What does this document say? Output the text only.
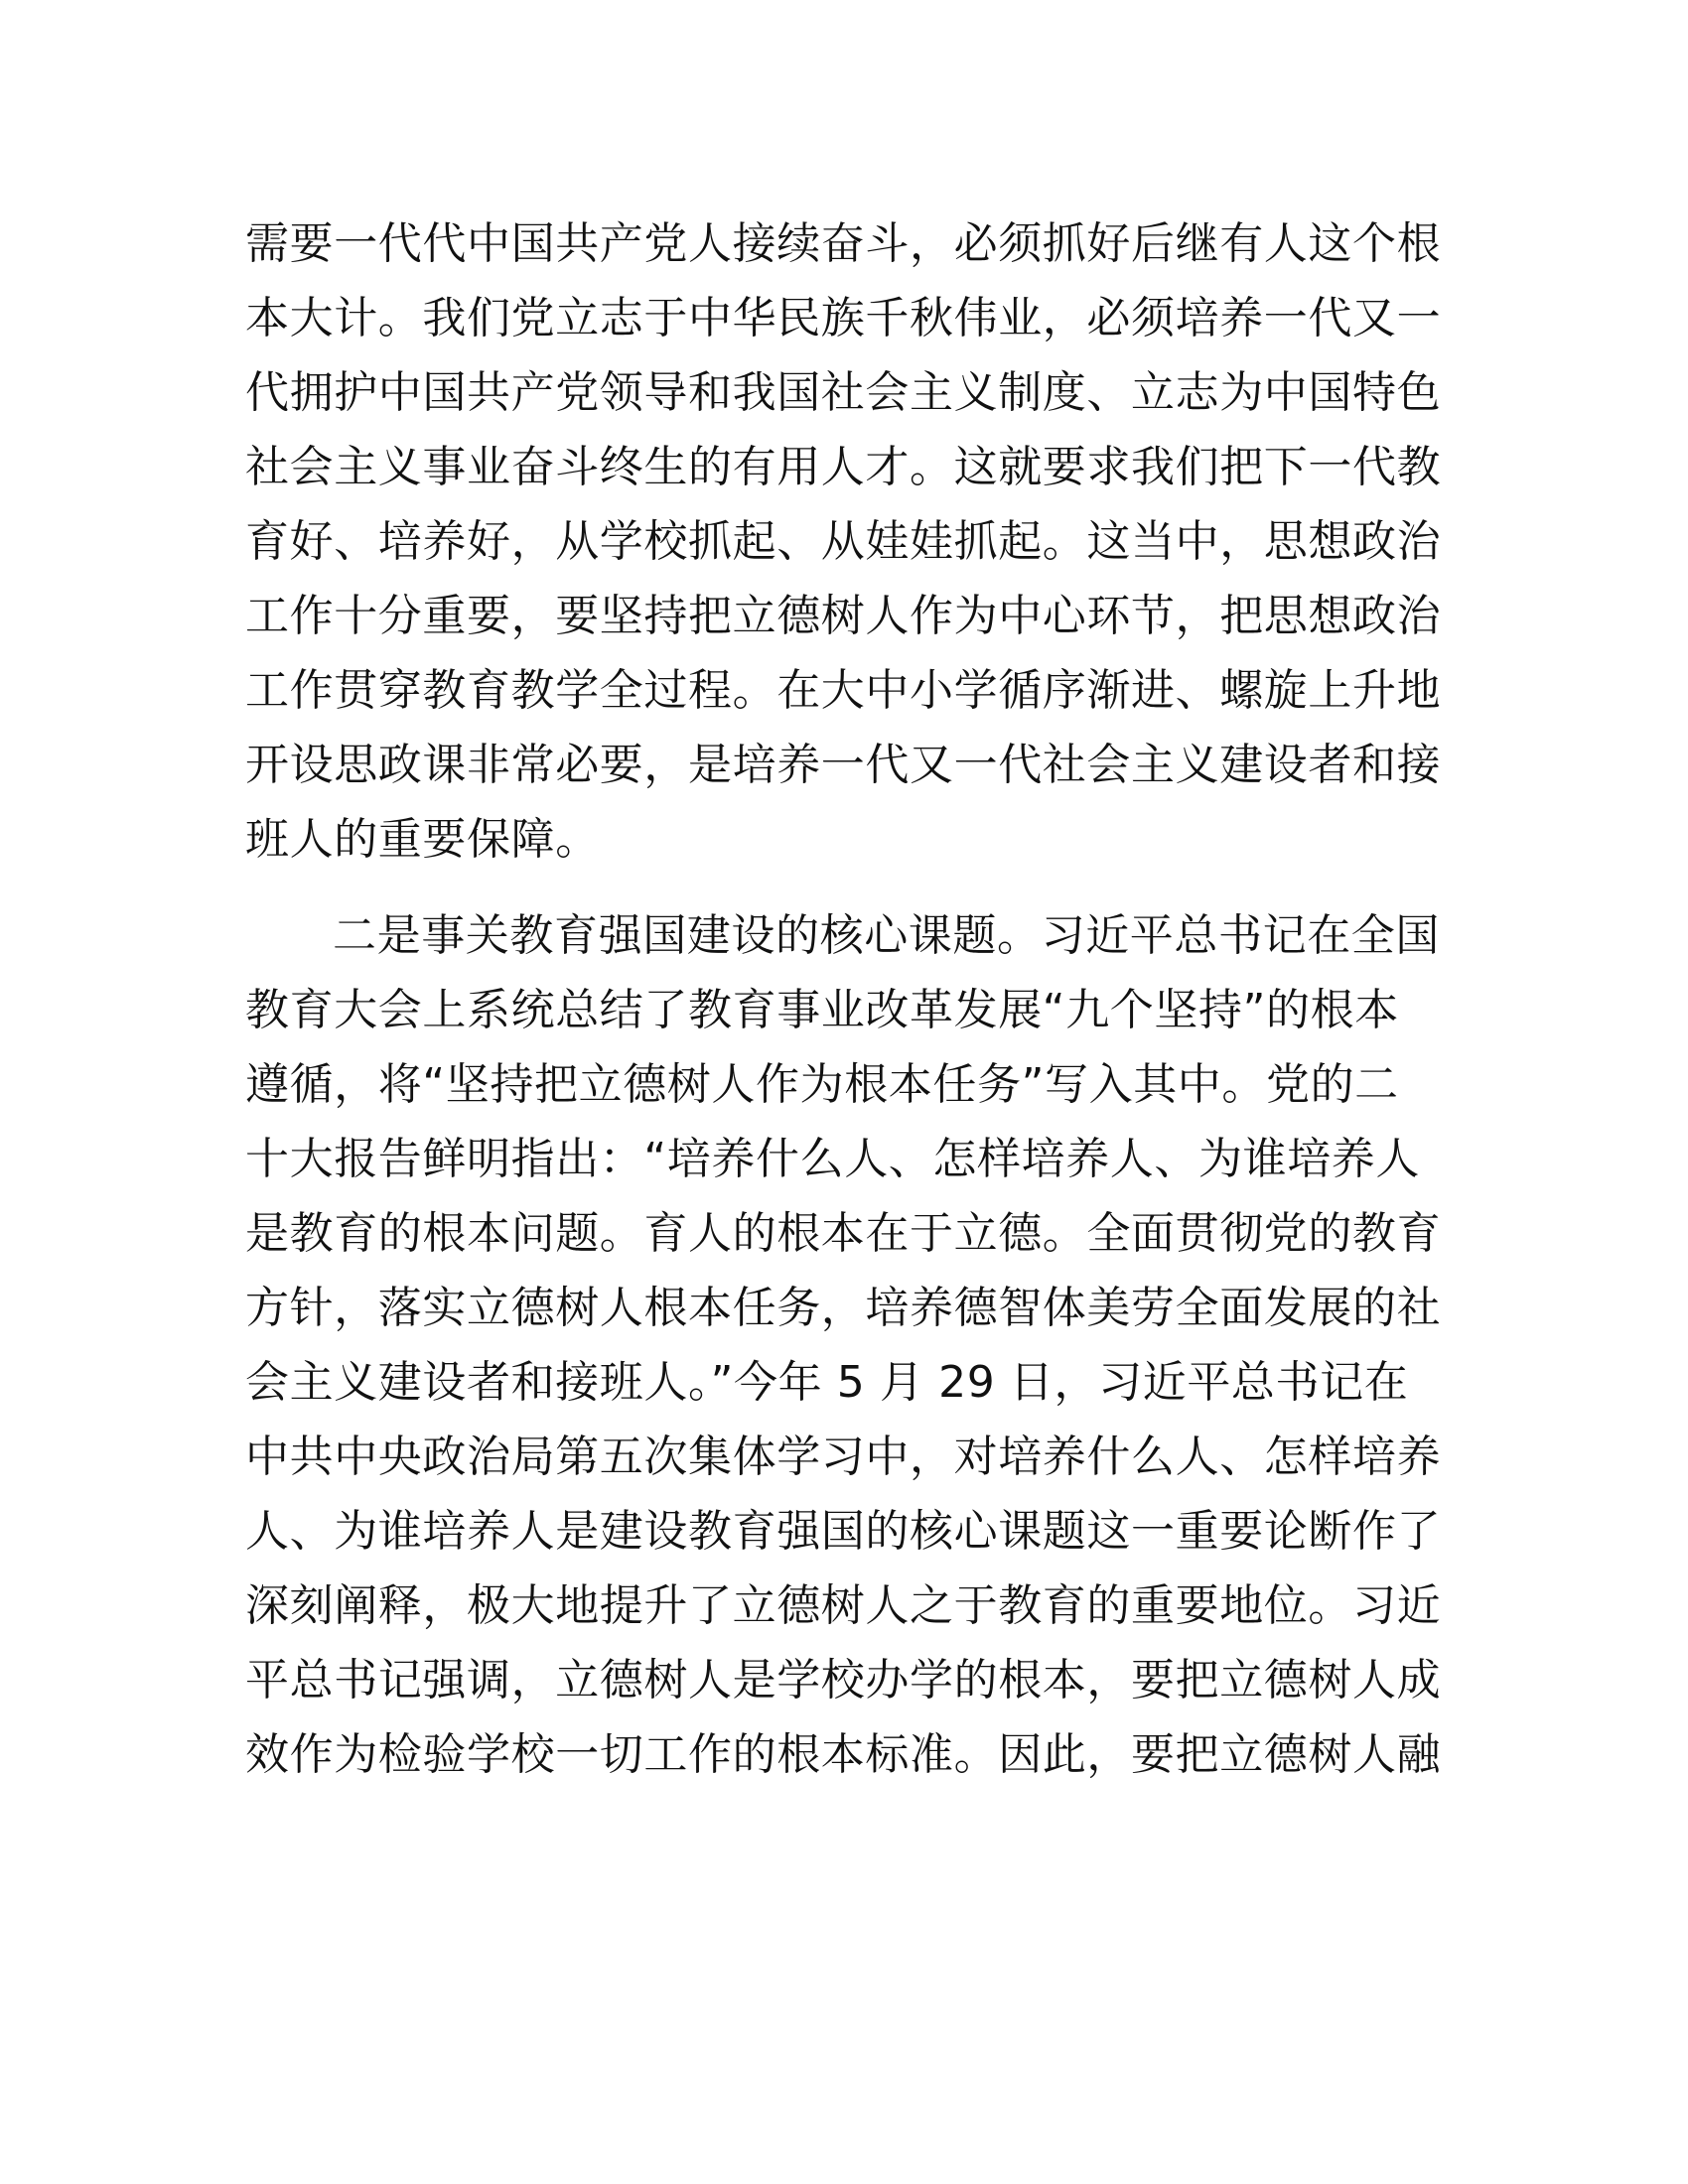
需要一代代中国共产党人接续奋斗，必须抓好后继有人这个根
本大计。我们党立志于中华民族千秋伟业，必须培养一代又一
代拥护中国共产党领导和我国社会主义制度、立志为中国特色
社会主义事业奋斗终生的有用人才。这就要求我们把下一代教
育好、培养好，从学校抓起、从娃娃抓起。这当中，思想政治
工作十分重要，要坚持把立德树人作为中心环节，把思想政治
工作贯穿教育教学全过程。在大中小学循序渐进、螺旋上升地
开设思政课非常必要，是培养一代又一代社会主义建设者和接
班人的重要保障。
二是事关教育强国建设的核心课题。习近平总书记在全国
教育大会上系统总结了教育事业改革发展“九个坚持”的根本
遵循，将“坚持把立德树人作为根本任务”写入其中。党的二
十大报告鲜明指出：“培养什么人、怎样培养人、为谁培养人
是教育的根本问题。育人的根本在于立德。全面贯彻党的教育
方针，落实立德树人根本任务，培养德智体美劳全面发展的社
会主义建设者和接班人。”今年 5 月 29 日，习近平总书记在
中共中央政治局第五次集体学习中，对培养什么人、怎样培养
人、为谁培养人是建设教育强国的核心课题这一重要论断作了
深刻阐释，极大地提升了立德树人之于教育的重要地位。习近
平总书记强调，立德树人是学校办学的根本，要把立德树人成
效作为检验学校一切工作的根本标准。因此，要把立德树人融
